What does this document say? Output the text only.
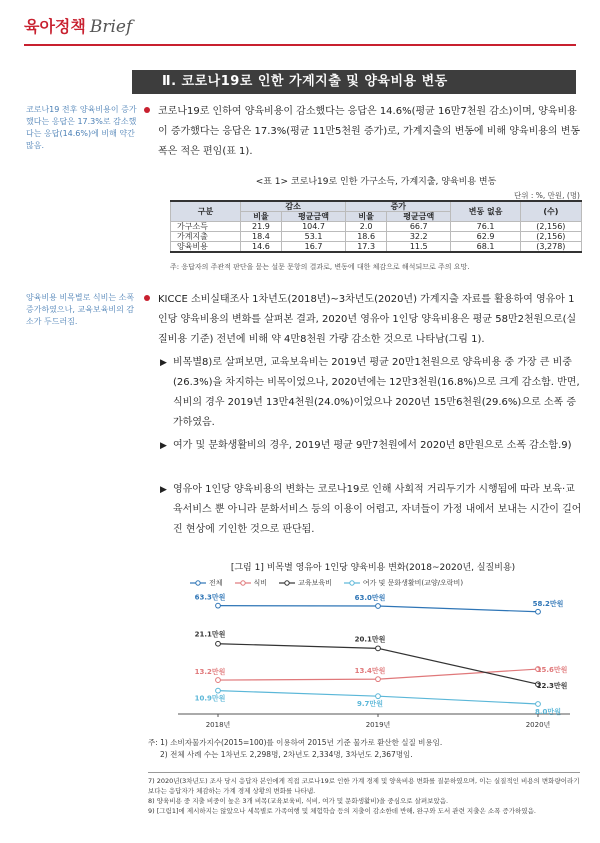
육아정책 Brief
Ⅱ. 코로나19로 인한 가계지출 및 양육비용 변동
코로나19 전후 양육비용이 증가했다는 응답은 17.3%로 감소했다는 응답(14.6%)에 비해 약간 많음.
양육비용 비목별로 식비는 소폭 증가하였으나, 교육보육비의 감소가 두드러짐.
코로나19로 인하여 양육비용이 감소했다는 응답은 14.6%(평균 16만7천원 감소)이며, 양육비용이 증가했다는 응답은 17.3%(평균 11만5천원 증가)로, 가계지출의 변동에 비해 양육비용의 변동 폭은 적은 편임(표 1).
<표 1> 코로나19로 인한 가구소득, 가계지출, 양육비용 변동
단위 : %, 만원, (명)
구분	감소		증가		변동 없음	(수)
	비율	평균금액	비율	평균금액		
가구소득	21.9	104.7	2.0	66.7	76.1	(2,156)
가계지출	18.4	53.1	18.6	32.2	62.9	(2,156)
양육비용	14.6	16.7	17.3	11.5	68.1	(3,278)
주: 응답자의 주관적 판단을 묻는 설문 문항의 결과로, 변동에 대한 체감으로 해석되므로 주의 요망.
KICCE 소비실태조사 1차년도(2018년)~3차년도(2020년) 가계지출 자료를 활용하여 영유아 1인당 양육비용의 변화를 살펴본 결과, 2020년 영유아 1인당 양육비용은 평균 58만2천원으로(실질비용 기준) 전년에 비해 약 4만8천원 가량 감소한 것으로 나타남(그림 1).
▶ 비목별8)로 살펴보면, 교육보육비는 2019년 평균 20만1천원으로 양육비용 중 가장 큰 비중(26.3%)을 차지하는 비목이었으나, 2020년에는 12만3천원(16.8%)으로 크게 감소함. 반면, 식비의 경우 2019년 13만4천원(24.0%)이었으나 2020년 15만6천원(29.6%)으로 소폭 증가하였음.
▶ 여가 및 문화생활비의 경우, 2019년 평균 9만7천원에서 2020년 8만원으로 소폭 감소함.9)
▶ 영유아 1인당 양육비용의 변화는 코로나19로 인해 사회적 거리두기가 시행됨에 따라 보육·교육서비스 뿐 아니라 문화서비스 등의 이용이 어렵고, 자녀들이 가정 내에서 보내는 시간이 길어진 현상에 기인한 것으로 판단됨.
[그림 1] 비목별 영유아 1인당 양육비용 변화(2018~2020년, 실질비용)
전체	식비	교육보육비	여가 및 문화생활비(교양/오락비)
2018년	2019년	2020년
63.3만원	63.0만원
58.2만원
13.2만원	13.4만원	15.6만원
21.1만원
20.1만원
12.3만원
10.9만원
9.7만원
8.0만원
주: 1) 소비자물가지수(2015=100)를 이용하여 2015년 기준 물가로 환산한 실질 비용임.
2) 전체 사례 수는 1차년도 2,298명, 2차년도 2,334명, 3차년도 2,367명임.
7) 2020년(3차년도) 조사 당시 응답자 본인에게 직접 코로나19로 인한 가계 경제 및 양육비용 변화를 질문하였으며, 이는 실질적인 비용의 변화량이라기보다는 응답자가 체감하는 가계 경제 상황의 변화를 나타냄.
8) 양육비용 중 지출 비중이 높은 3개 비목(교육보육비, 식비, 여가 및 문화생활비)을 중심으로 살펴보았음.
9) [그림1]에 제시하지는 않았으나 세목별로 가족여행 및 체험학습 등의 지출이 감소한데 반해, 완구와 도서 관련 지출은 소폭 증가하였음.
